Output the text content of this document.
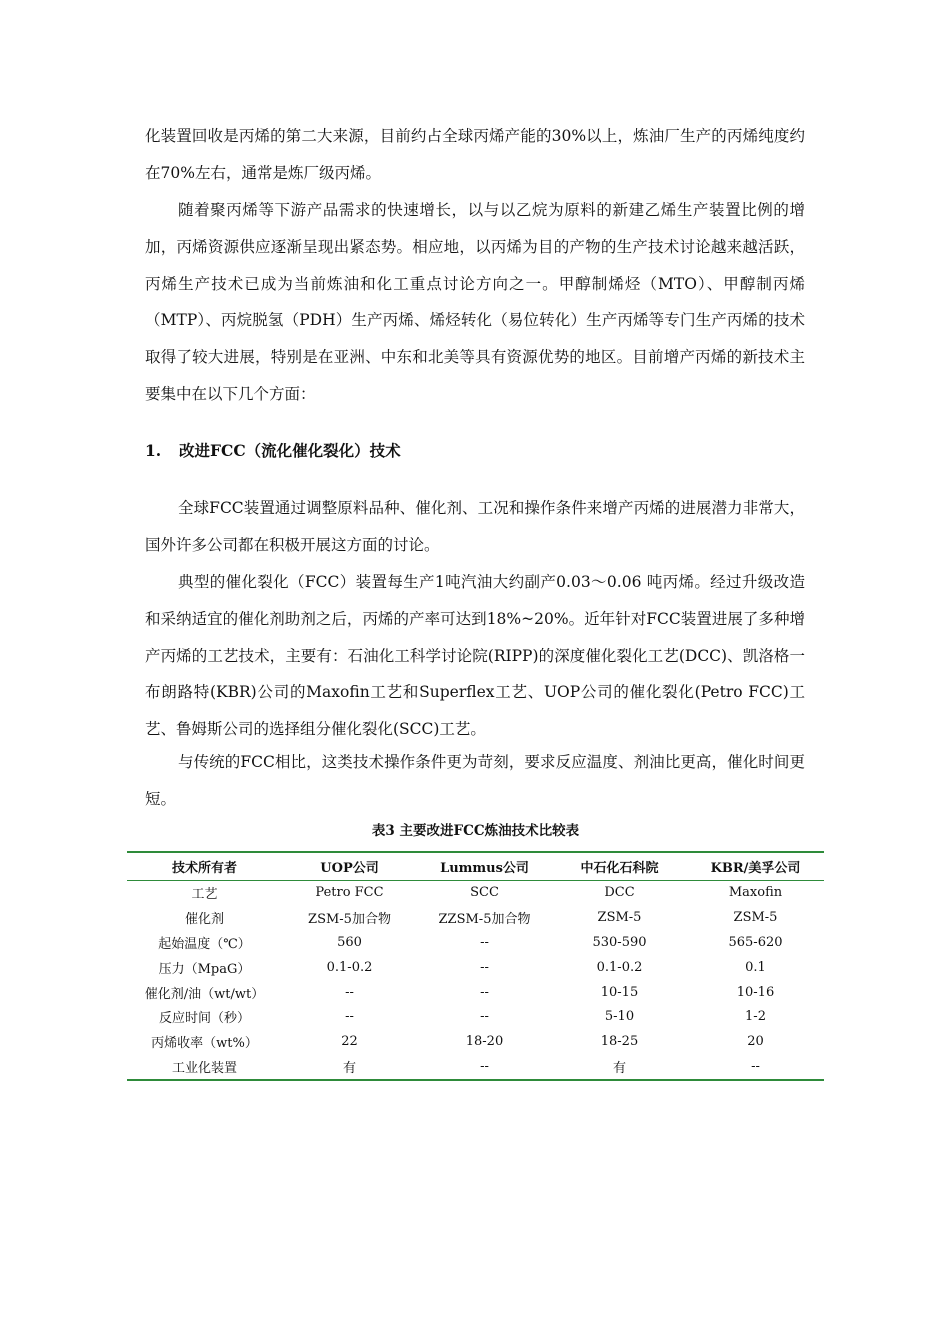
化装置回收是丙烯的第二大来源，目前约占全球丙烯产能的30%以上，炼油厂生产的丙烯纯度约在70%左右，通常是炼厂级丙烯。

随着聚丙烯等下游产品需求的快速增长，以与以乙烷为原料的新建乙烯生产装置比例的增加，丙烯资源供应逐渐呈现出紧态势。相应地，以丙烯为目的产物的生产技术讨论越来越活跃，丙烯生产技术已成为当前炼油和化工重点讨论方向之一。甲醇制烯烃（MTO）、甲醇制丙烯（MTP）、丙烷脱氢（PDH）生产丙烯、烯烃转化（易位转化）生产丙烯等专门生产丙烯的技术取得了较大进展，特别是在亚洲、中东和北美等具有资源优势的地区。目前增产丙烯的新技术主要集中在以下几个方面：

1. 改进FCC（流化催化裂化）技术

全球FCC装置通过调整原料品种、催化剂、工况和操作条件来增产丙烯的进展潜力非常大，国外许多公司都在积极开展这方面的讨论。

典型的催化裂化（FCC）装置每生产1吨汽油大约副产0.03～0.06 吨丙烯。经过升级改造和采纳适宜的催化剂助剂之后，丙烯的产率可达到18%~20%。近年针对FCC装置进展了多种增产丙烯的工艺技术，主要有：石油化工科学讨论院(RIPP)的深度催化裂化工艺(DCC)、凯洛格一布朗路特(KBR)公司的Maxofin工艺和Superflex工艺、UOP公司的催化裂化(Petro FCC)工艺、鲁姆斯公司的选择组分催化裂化(SCC)工艺。

与传统的FCC相比，这类技术操作条件更为苛刻，要求反应温度、剂油比更高，催化时间更短。

表3 主要改进FCC炼油技术比较表
技术所有者	UOP公司	Lummus公司	中石化石科院	KBR/美孚公司
工艺	Petro FCC	SCC	DCC	Maxofin
催化剂	ZSM-5加合物	ZZSM-5加合物	ZSM-5	ZSM-5
起始温度（℃）	560	--	530-590	565-620
压力（MpaG）	0.1-0.2	--	0.1-0.2	0.1
催化剂/油（wt/wt）	--	--	10-15	10-16
反应时间（秒）	--	--	5-10	1-2
丙烯收率（wt%）	22	18-20	18-25	20
工业化装置	有	--	有	--
